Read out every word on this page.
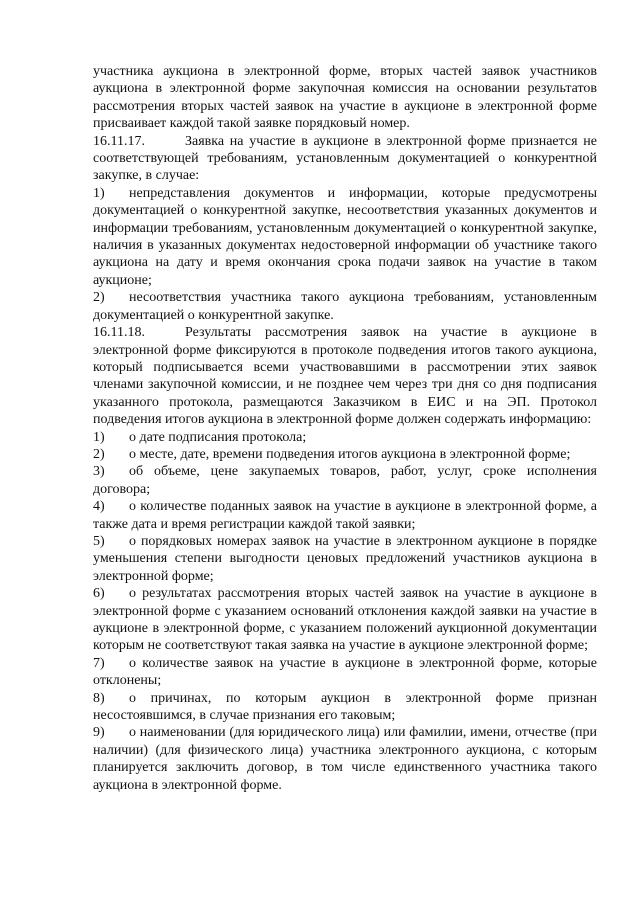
участника аукциона в электронной форме, вторых частей заявок участников аукциона в электронной форме закупочная комиссия на основании результатов рассмотрения вторых частей заявок на участие в аукционе в электронной форме присваивает каждой такой заявке порядковый номер.

16.11.17.	Заявка на участие в аукционе в электронной форме признается не соответствующей требованиям, установленным документацией о конкурентной закупке, в случае:

1) непредставления документов и информации, которые предусмотрены документацией о конкурентной закупке, несоответствия указанных документов и информации требованиям, установленным документацией о конкурентной закупке, наличия в указанных документах недостоверной информации об участнике такого аукциона на дату и время окончания срока подачи заявок на участие в таком аукционе;

2) несоответствия участника такого аукциона требованиям, установленным документацией о конкурентной закупке.

16.11.18.	Результаты рассмотрения заявок на участие в аукционе в электронной форме фиксируются в протоколе подведения итогов такого аукциона, который подписывается всеми участвовавшими в рассмотрении этих заявок членами закупочной комиссии, и не позднее чем через три дня со дня подписания указанного протокола, размещаются Заказчиком в ЕИС и на ЭП. Протокол подведения итогов аукциона в электронной форме должен содержать информацию:

1) о дате подписания протокола;

2) о месте, дате, времени подведения итогов аукциона в электронной форме;

3) об объеме, цене закупаемых товаров, работ, услуг, сроке исполнения договора;

4) о количестве поданных заявок на участие в аукционе в электронной форме, а также дата и время регистрации каждой такой заявки;

5) о порядковых номерах заявок на участие в электронном аукционе в порядке уменьшения степени выгодности ценовых предложений участников аукциона в электронной форме;

6) о результатах рассмотрения вторых частей заявок на участие в аукционе в электронной форме с указанием оснований отклонения каждой заявки на участие в аукционе в электронной форме, с указанием положений аукционной документации которым не соответствуют такая заявка на участие в аукционе электронной форме;

7) о количестве заявок на участие в аукционе в электронной форме, которые отклонены;

8) о причинах, по которым аукцион в электронной форме признан несостоявшимся, в случае признания его таковым;

9) о наименовании (для юридического лица) или фамилии, имени, отчестве (при наличии) (для физического лица) участника электронного аукциона, с которым планируется заключить договор, в том числе единственного участника такого аукциона в электронной форме.
